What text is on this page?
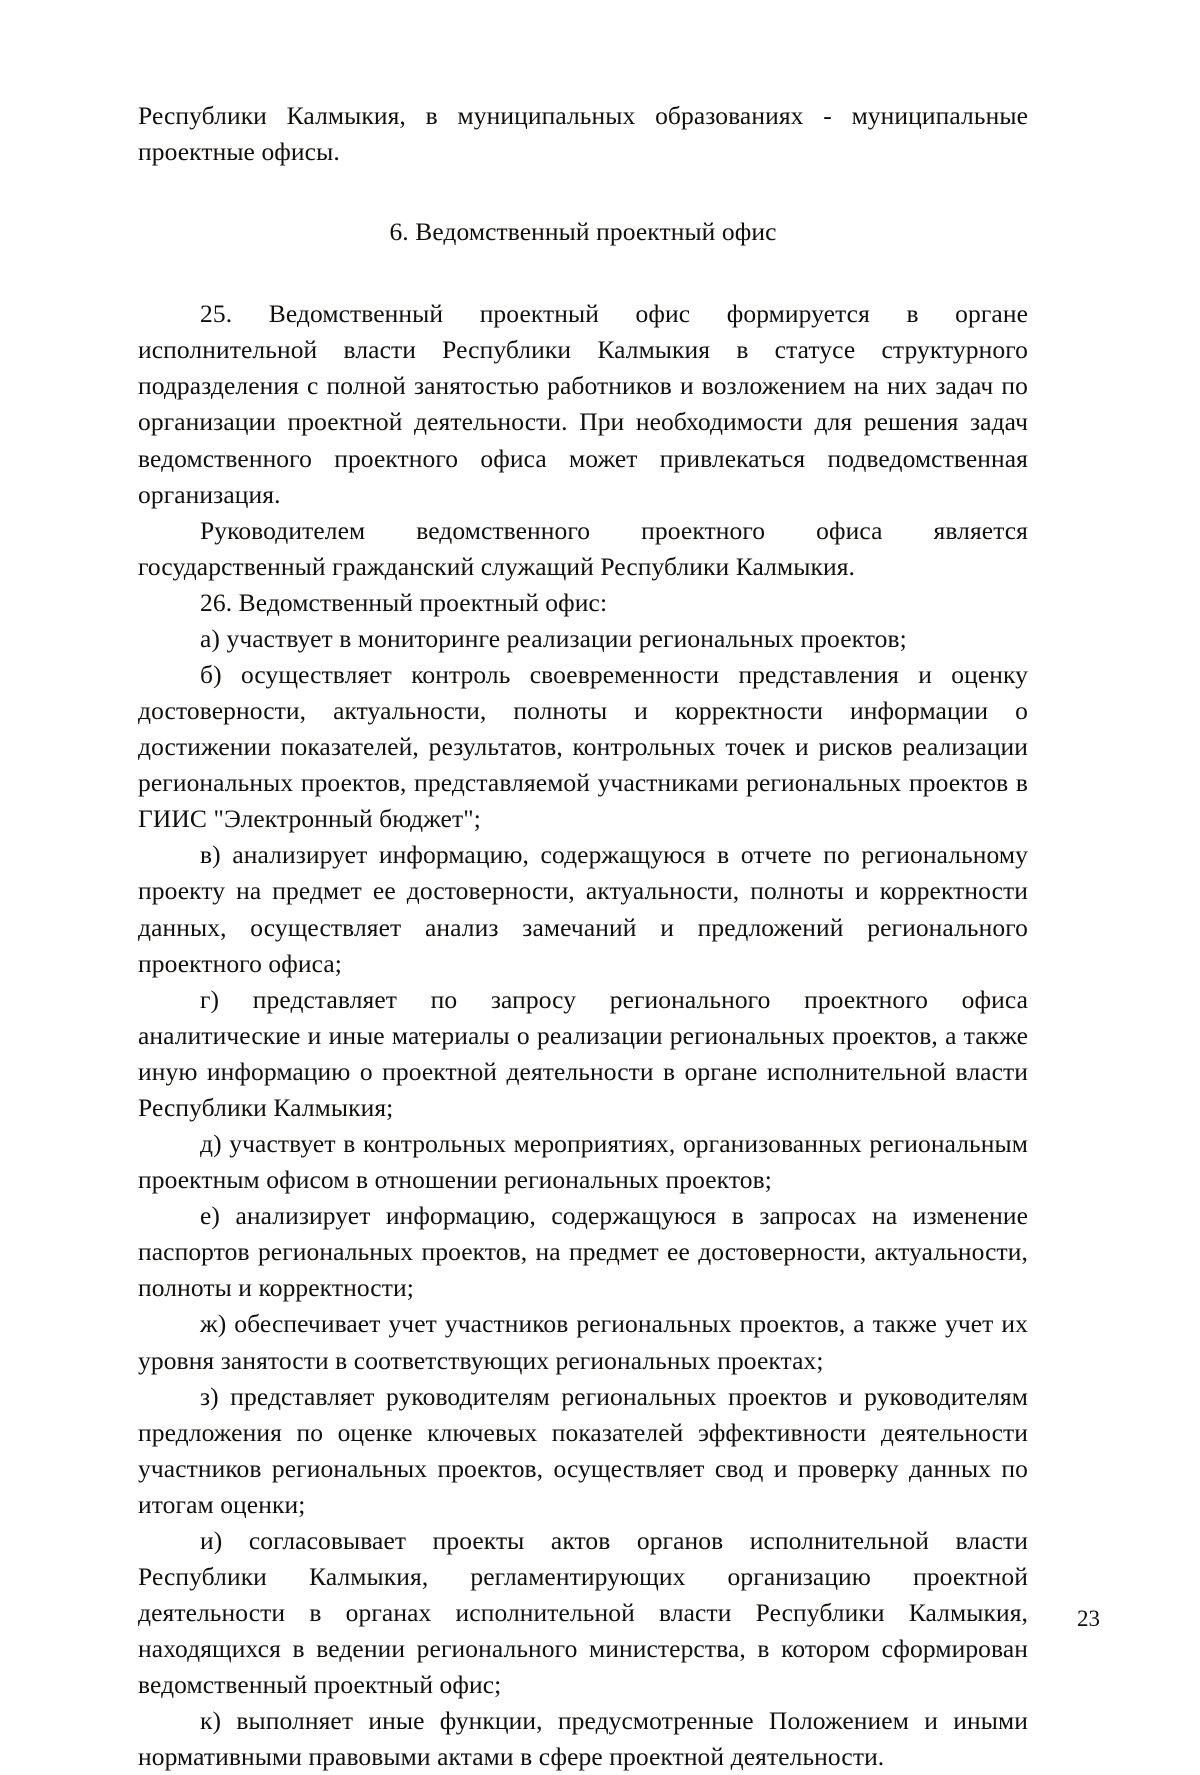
Республики Калмыкия, в муниципальных образованиях - муниципальные проектные офисы.

6. Ведомственный проектный офис

25. Ведомственный проектный офис формируется в органе исполнительной власти Республики Калмыкия в статусе структурного подразделения с полной занятостью работников и возложением на них задач по организации проектной деятельности. При необходимости для решения задач ведомственного проектного офиса может привлекаться подведомственная организация.

Руководителем ведомственного проектного офиса является государственный гражданский служащий Республики Калмыкия.

26. Ведомственный проектный офис:

а) участвует в мониторинге реализации региональных проектов;

б) осуществляет контроль своевременности представления и оценку достоверности, актуальности, полноты и корректности информации о достижении показателей, результатов, контрольных точек и рисков реализации региональных проектов, представляемой участниками региональных проектов в ГИИС "Электронный бюджет";

в) анализирует информацию, содержащуюся в отчете по региональному проекту на предмет ее достоверности, актуальности, полноты и корректности данных, осуществляет анализ замечаний и предложений регионального проектного офиса;

г) представляет по запросу регионального проектного офиса аналитические и иные материалы о реализации региональных проектов, а также иную информацию о проектной деятельности в органе исполнительной власти Республики Калмыкия;

д) участвует в контрольных мероприятиях, организованных региональным проектным офисом в отношении региональных проектов;

е) анализирует информацию, содержащуюся в запросах на изменение паспортов региональных проектов, на предмет ее достоверности, актуальности, полноты и корректности;

ж) обеспечивает учет участников региональных проектов, а также учет их уровня занятости в соответствующих региональных проектах;

з) представляет руководителям региональных проектов и руководителям предложения по оценке ключевых показателей эффективности деятельности участников региональных проектов, осуществляет свод и проверку данных по итогам оценки;

и) согласовывает проекты актов органов исполнительной власти Республики Калмыкия, регламентирующих организацию проектной деятельности в органах исполнительной власти Республики Калмыкия, находящихся в ведении регионального министерства, в котором сформирован ведомственный проектный офис;

к) выполняет иные функции, предусмотренные Положением и иными нормативными правовыми актами в сфере проектной деятельности.

23
